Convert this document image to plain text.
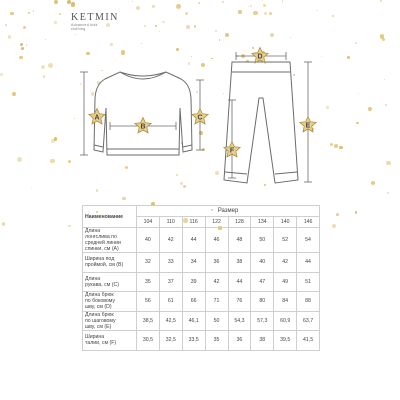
KETMIN
Advanced kids
clothing
A
B
C
D
E
F
Наименование	Размер							
	104	110	116	122	128	134	140	146

Длина
лонгслива по
средней линии
спинки, см (A)	40	42	44	46	48	50	52	54

Ширина под
проймой, см (B)	32	33	34	36	38	40	42	44

Длина
рукава, см (C)	35	37	39	42	44	47	49	51

Длина брюк
по боковому
шву, см (D)	56	61	66	71	76	80	84	88

Длина брюк
по шаговому
шву, см (E)	38,5	42,5	46,1	50	54,3	57,3	60,9	63,7

Ширина
талии, см (F)	30,5	32,5	33,5	35	36	38	39,5	41,5
